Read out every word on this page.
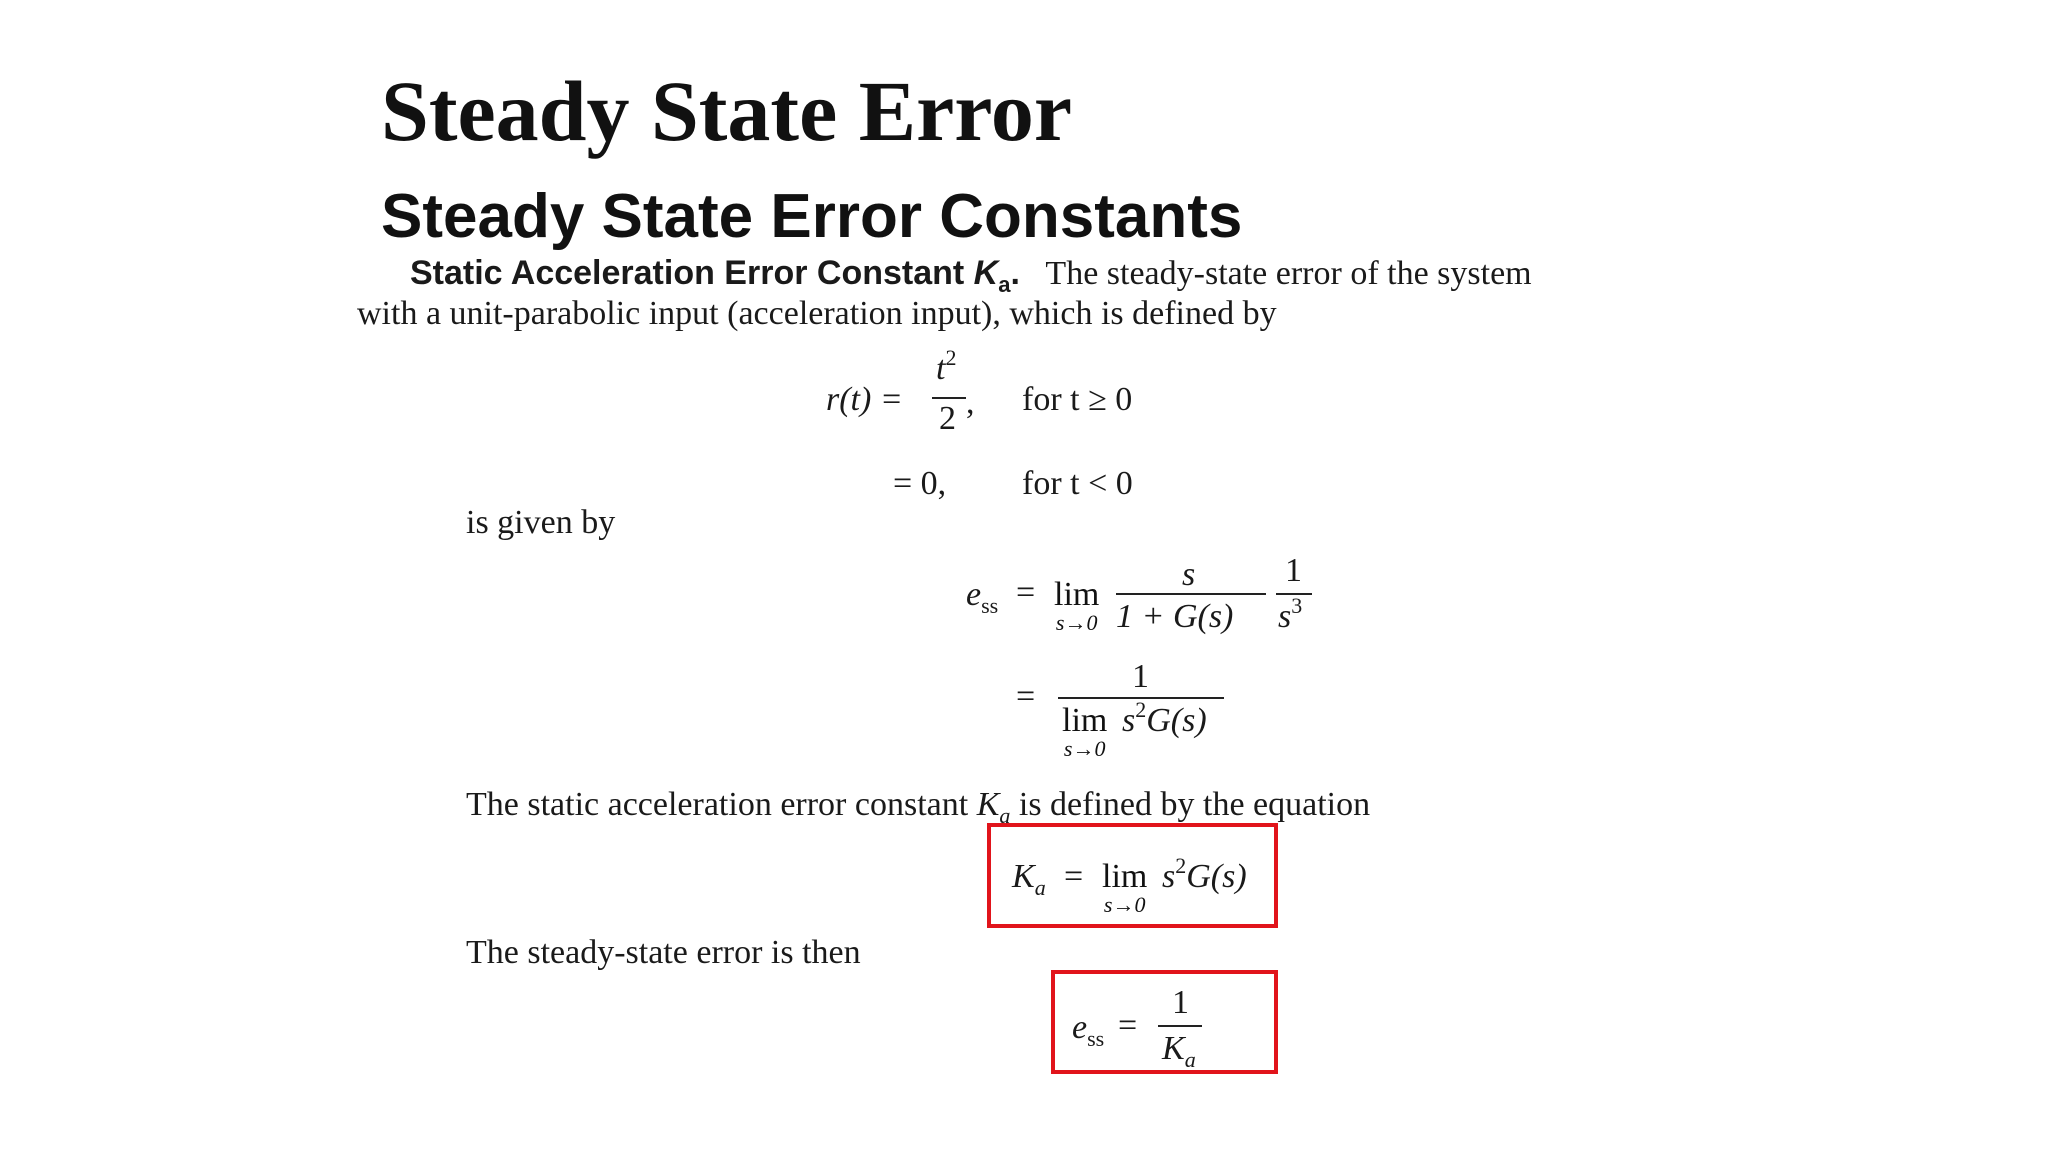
Steady State Error
Steady State Error Constants
Static Acceleration Error Constant $K_a$. The steady-state error of the system
with a unit-parabolic input (acceleration input), which is defined by
r(t) =
$t^2$
2 , for t ≥ 0
= 0, for t < 0
is given by
$e_{ss} = \lim$
s→0
s
1 + G(s)
1
$s^3$
=
1
lim
s→0
$s^2G(s)$
The static acceleration error constant $K_a$ is defined by the equation
$K_a = \lim$
s→0
$s^2G(s)$
The steady-state error is then
$e_{ss}$ =
1
$K_a$
